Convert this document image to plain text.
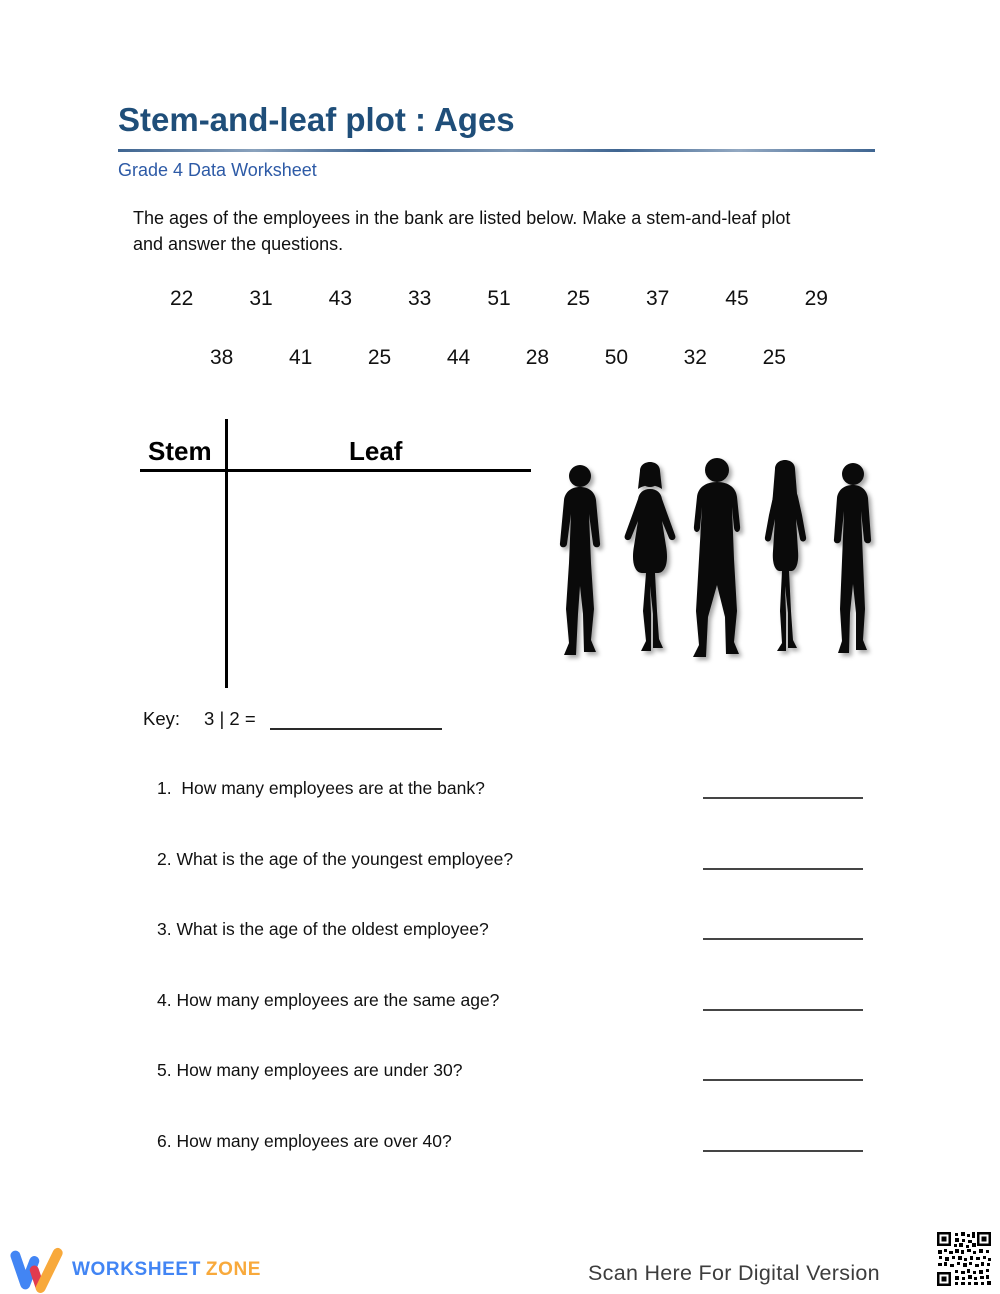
Stem-and-leaf plot : Ages
Grade 4 Data Worksheet
The ages of the employees in the bank are listed below. Make a stem-and-leaf plot
and answer the questions.
22	31	43	33	51	25	37	45	29
38	41	25	44	28	50	32	25
Stem	Leaf
Key: 3 | 2 =
1.  How many employees are at the bank?
2. What is the age of the youngest employee?
3. What is the age of the oldest employee?
4. How many employees are the same age?
5. How many employees are under 30?
6. How many employees are over 40?
WORKSHEET ZONE	Scan Here For Digital Version
